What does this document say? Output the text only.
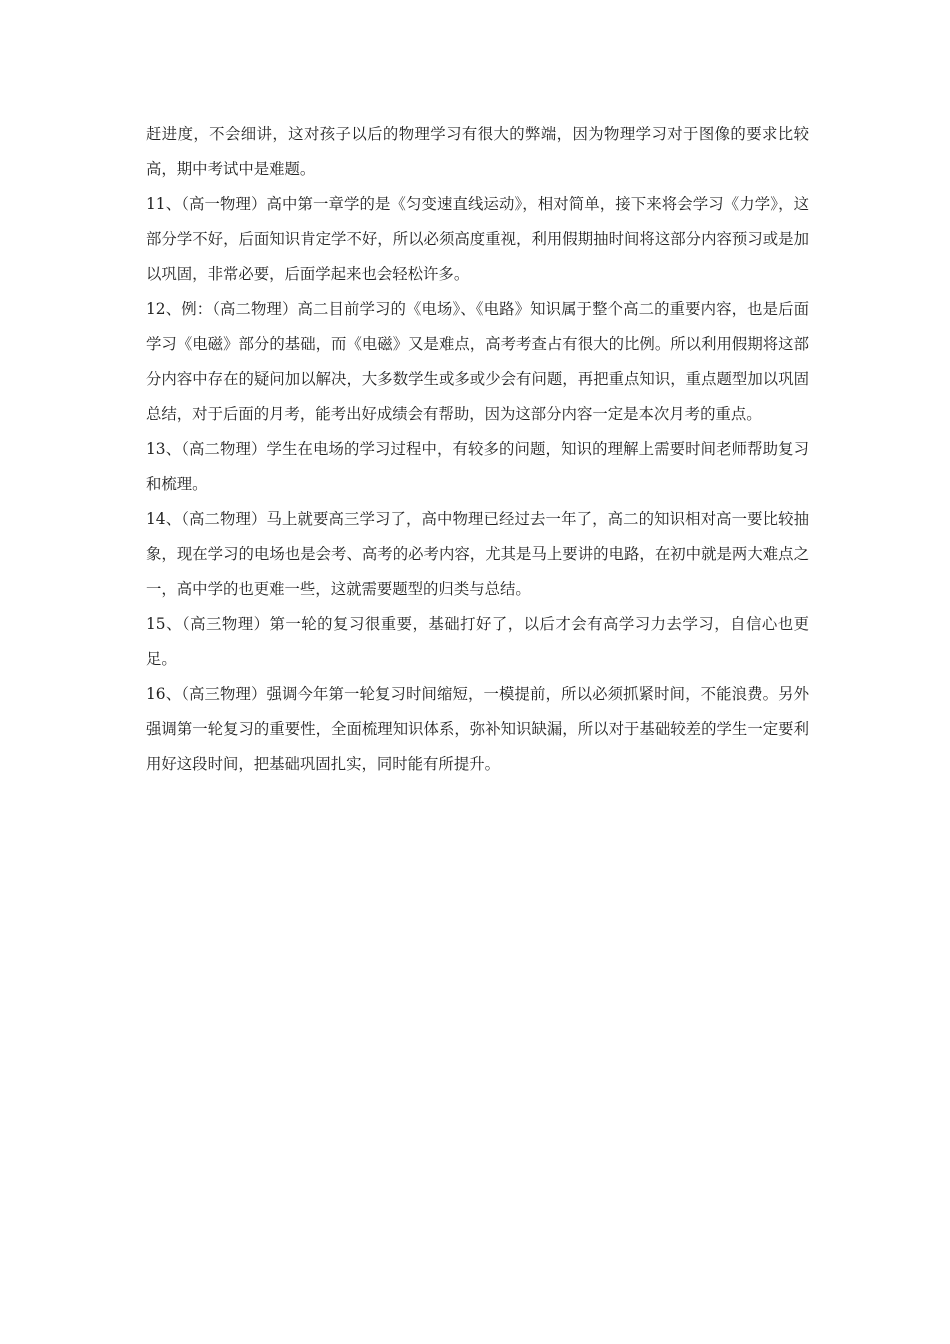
赶进度，不会细讲，这对孩子以后的物理学习有很大的弊端，因为物理学习对于图像的要求比较高，期中考试中是难题。

11、（高一物理）高中第一章学的是《匀变速直线运动》，相对简单，接下来将会学习《力学》，这部分学不好，后面知识肯定学不好，所以必须高度重视，利用假期抽时间将这部分内容预习或是加以巩固，非常必要，后面学起来也会轻松许多。

12、例：（高二物理）高二目前学习的《电场》、《电路》知识属于整个高二的重要内容，也是后面学习《电磁》部分的基础，而《电磁》又是难点，高考考查占有很大的比例。所以利用假期将这部分内容中存在的疑问加以解决，大多数学生或多或少会有问题，再把重点知识，重点题型加以巩固总结，对于后面的月考，能考出好成绩会有帮助，因为这部分内容一定是本次月考的重点。

13、（高二物理）学生在电场的学习过程中，有较多的问题，知识的理解上需要时间老师帮助复习和梳理。

14、（高二物理）马上就要高三学习了，高中物理已经过去一年了，高二的知识相对高一要比较抽象，现在学习的电场也是会考、高考的必考内容，尤其是马上要讲的电路，在初中就是两大难点之一，高中学的也更难一些，这就需要题型的归类与总结。

15、（高三物理）第一轮的复习很重要，基础打好了，以后才会有高学习力去学习，自信心也更足。

16、（高三物理）强调今年第一轮复习时间缩短，一模提前，所以必须抓紧时间，不能浪费。另外强调第一轮复习的重要性，全面梳理知识体系，弥补知识缺漏，所以对于基础较差的学生一定要利用好这段时间，把基础巩固扎实，同时能有所提升。
